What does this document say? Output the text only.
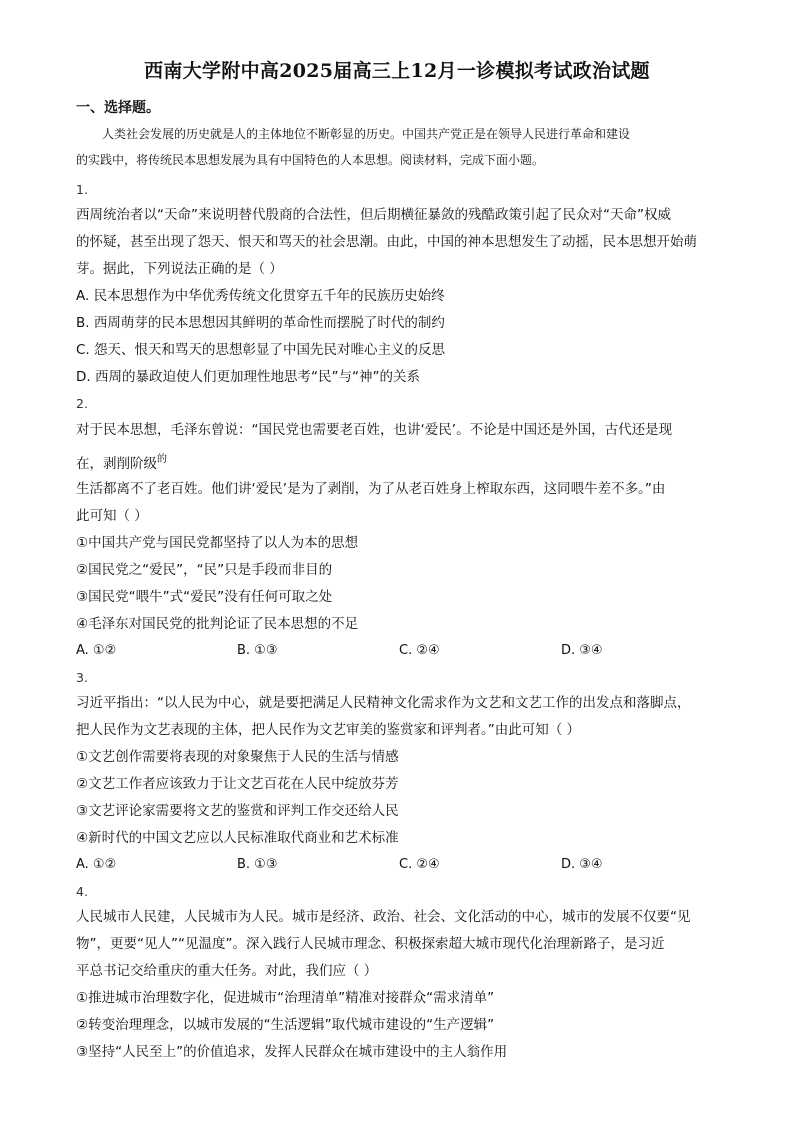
西南大学附中高2025届高三上12月一诊模拟考试政治试题
一、选择题。

人类社会发展的历史就是人的主体地位不断彰显的历史。中国共产党正是在领导人民进行革命和建设

的实践中，将传统民本思想发展为具有中国特色的人本思想。阅读材料，完成下面小题。

1.
西周统治者以“天命”来说明替代殷商的合法性，但后期横征暴敛的残酷政策引起了民众对“天命”权威
的怀疑，甚至出现了怨天、恨天和骂天的社会思潮。由此，中国的神本思想发生了动摇，民本思想开始萌
芽。据此，下列说法正确的是（ ）
A. 民本思想作为中华优秀传统文化贯穿五千年的民族历史始终
B. 西周萌芽的民本思想因其鲜明的革命性而摆脱了时代的制约
C. 怨天、恨天和骂天的思想彰显了中国先民对唯心主义的反思
D. 西周的暴政迫使人们更加理性地思考“民”与“神”的关系
2.
对于民本思想，毛泽东曾说：“国民党也需要老百姓，也讲‘爱民’。不论是中国还是外国，古代还是现
在，剥削阶级$^的$
生活都离不了老百姓。他们讲‘爱民’是为了剥削，为了从老百姓身上榨取东西，这同喂牛差不多。”由
此可知（ ）
①中国共产党与国民党都坚持了以人为本的思想
②国民党之“爱民”，“民”只是手段而非目的
③国民党“喂牛”式“爱民”没有任何可取之处
④毛泽东对国民党的批判论证了民本思想的不足
A. ①②	B. ①③	C. ②④	D. ③④
3.
习近平指出：“以人民为中心，就是要把满足人民精神文化需求作为文艺和文艺工作的出发点和落脚点，
把人民作为文艺表现的主体，把人民作为文艺审美的鉴赏家和评判者。”由此可知（ ）
①文艺创作需要将表现的对象聚焦于人民的生活与情感
②文艺工作者应该致力于让文艺百花在人民中绽放芬芳
③文艺评论家需要将文艺的鉴赏和评判工作交还给人民
④新时代的中国文艺应以人民标准取代商业和艺术标准
A. ①②	B. ①③	C. ②④	D. ③④
4.
人民城市人民建，人民城市为人民。城市是经济、政治、社会、文化活动的中心，城市的发展不仅要“见
物”，更要“见人”“见温度”。深入践行人民城市理念、积极探索超大城市现代化治理新路子，是习近
平总书记交给重庆的重大任务。对此，我们应（ ）
①推进城市治理数字化，促进城市“治理清单”精准对接群众“需求清单”
②转变治理理念，以城市发展的“生活逻辑”取代城市建设的“生产逻辑”
③坚持“人民至上”的价值追求，发挥人民群众在城市建设中的主人翁作用
